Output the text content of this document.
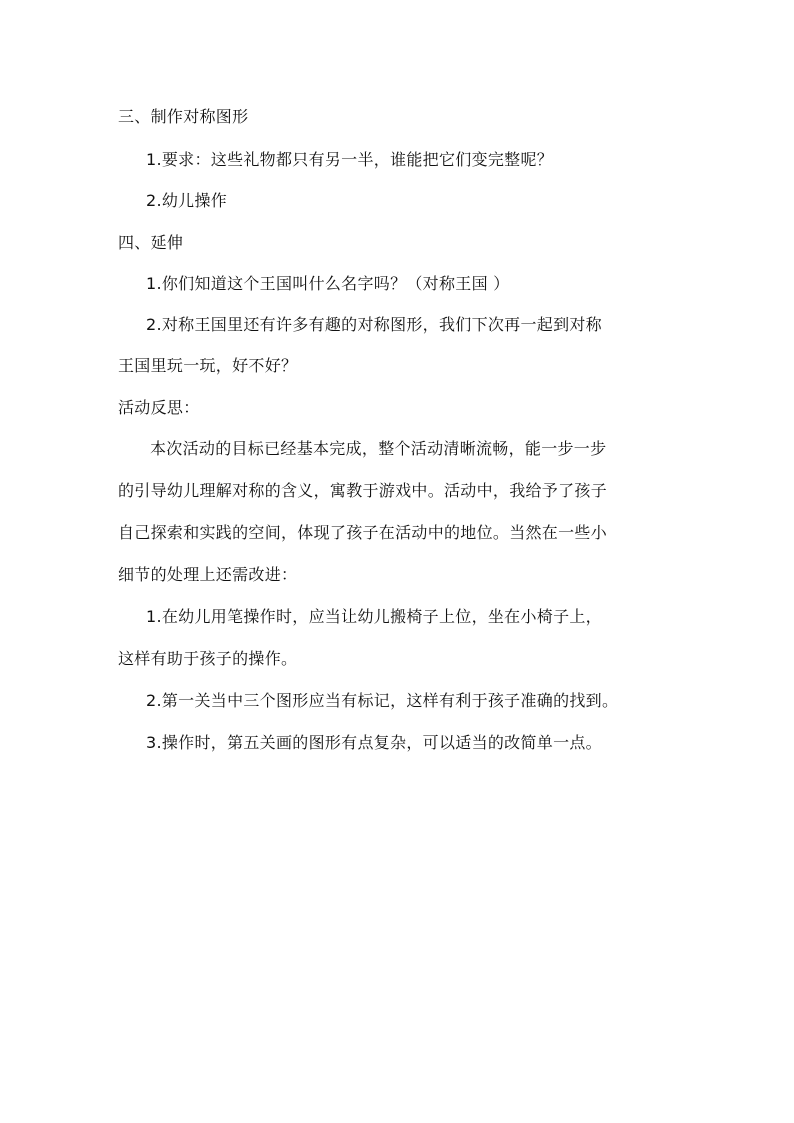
三、制作对称图形
1.要求：这些礼物都只有另一半，谁能把它们变完整呢？
2.幼儿操作
四、延伸
1.你们知道这个王国叫什么名字吗？（对称王国 ）
2.对称王国里还有许多有趣的对称图形，我们下次再一起到对称
王国里玩一玩，好不好？
活动反思：
本次活动的目标已经基本完成，整个活动清晰流畅，能一步一步
的引导幼儿理解对称的含义，寓教于游戏中。活动中，我给予了孩子
自己探索和实践的空间，体现了孩子在活动中的地位。当然在一些小
细节的处理上还需改进：
1.在幼儿用笔操作时，应当让幼儿搬椅子上位，坐在小椅子上，
这样有助于孩子的操作。
2.第一关当中三个图形应当有标记，这样有利于孩子准确的找到。
3.操作时，第五关画的图形有点复杂，可以适当的改简单一点。
